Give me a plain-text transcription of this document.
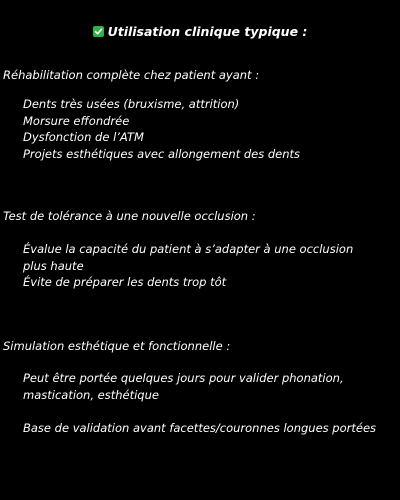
Utilisation clinique typique :
Réhabilitation complète chez patient ayant :
Dents très usées (bruxisme, attrition)
Morsure effondrée
Dysfonction de l’ATM
Projets esthétiques avec allongement des dents
Test de tolérance à une nouvelle occlusion :
Évalue la capacité du patient à s’adapter à une occlusion
plus haute
Évite de préparer les dents trop tôt
Simulation esthétique et fonctionnelle :
Peut être portée quelques jours pour valider phonation,
mastication, esthétique
Base de validation avant facettes/couronnes longues portées
